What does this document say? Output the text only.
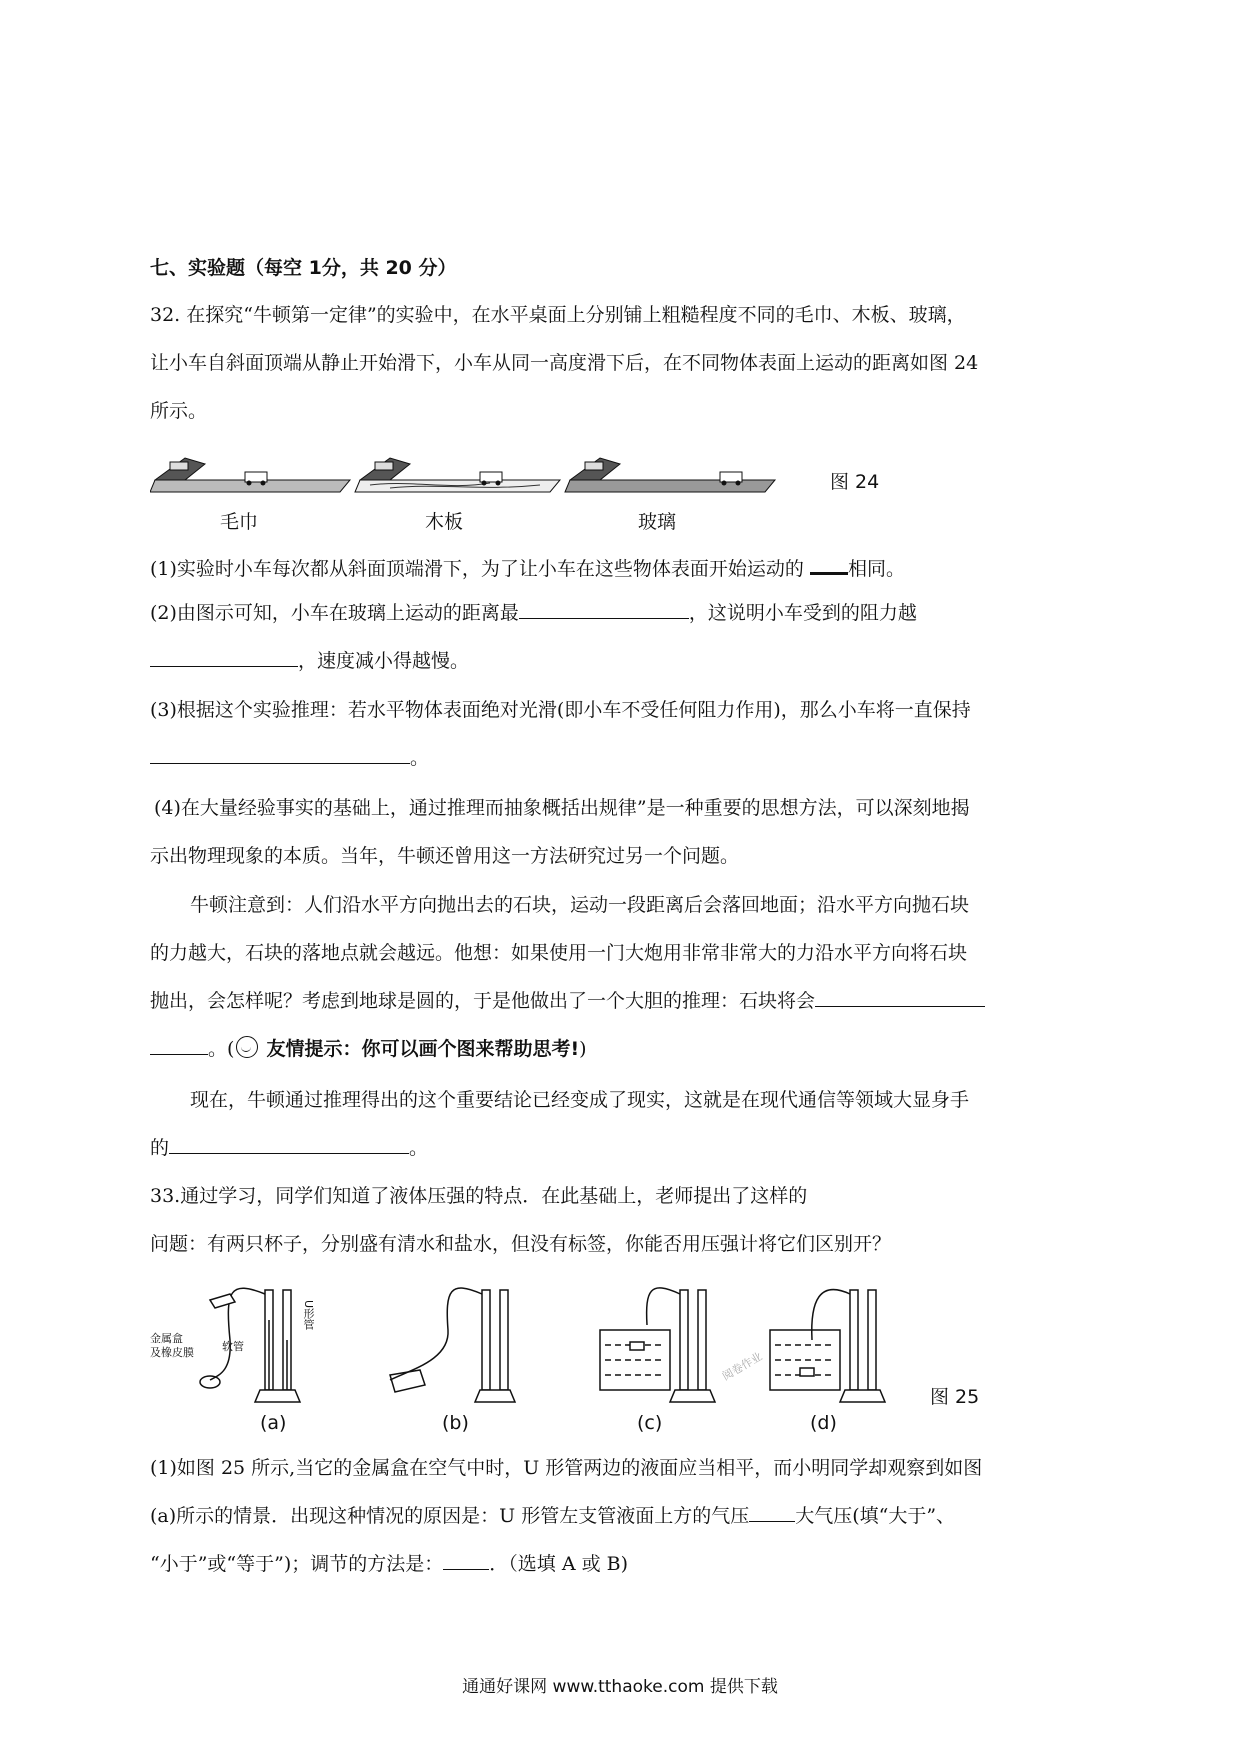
七、实验题（每空 1分，共 20 分）
32. 在探究“牛顿第一定律”的实验中，在水平桌面上分别铺上粗糙程度不同的毛巾、木板、玻璃，
让小车自斜面顶端从静止开始滑下，小车从同一高度滑下后，在不同物体表面上运动的距离如图 24
所示。
毛巾	木板	玻璃
图 24
(1)实验时小车每次都从斜面顶端滑下，为了让小车在这些物体表面开始运动的 相同。
(2)由图示可知，小车在玻璃上运动的距离最	，这说明小车受到的阻力越
，速度减小得越慢。
(3)根据这个实验推理：若水平物体表面绝对光滑(即小车不受任何阻力作用)，那么小车将一直保持
。
(4)在大量经验事实的基础上，通过推理而抽象概括出规律”是一种重要的思想方法，可以深刻地揭
示出物理现象的本质。当年，牛顿还曾用这一方法研究过另一个问题。
牛顿注意到：人们沿水平方向抛出去的石块，运动一段距离后会落回地面；沿水平方向抛石块
的力越大，石块的落地点就会越远。他想：如果使用一门大炮用非常非常大的力沿水平方向将石块
抛出，会怎样呢？考虑到地球是圆的，于是他做出了一个大胆的推理：石块将会
。( 友情提示：你可以画个图来帮助思考!)
现在，牛顿通过推理得出的这个重要结论已经变成了现实，这就是在现代通信等领域大显身手
的	。
33.通过学习，同学们知道了液体压强的特点．在此基础上，老师提出了这样的
问题：有两只杯子，分别盛有清水和盐水，但没有标签，你能否用压强计将它们区别开？
金属盒
及橡皮膜	软管
U形管
阅卷作业
(a)	(b)	(c)	(d)
图 25
(1)如图 25 所示,当它的金属盒在空气中时，U 形管两边的液面应当相平，而小明同学却观察到如图
(a)所示的情景．出现这种情况的原因是：U 形管左支管液面上方的气压 大气压(填“大于”、
“小于”或“等于”)；调节的方法是： ．（选填 A 或 B)
通通好课网 www.tthaoke.com 提供下载
